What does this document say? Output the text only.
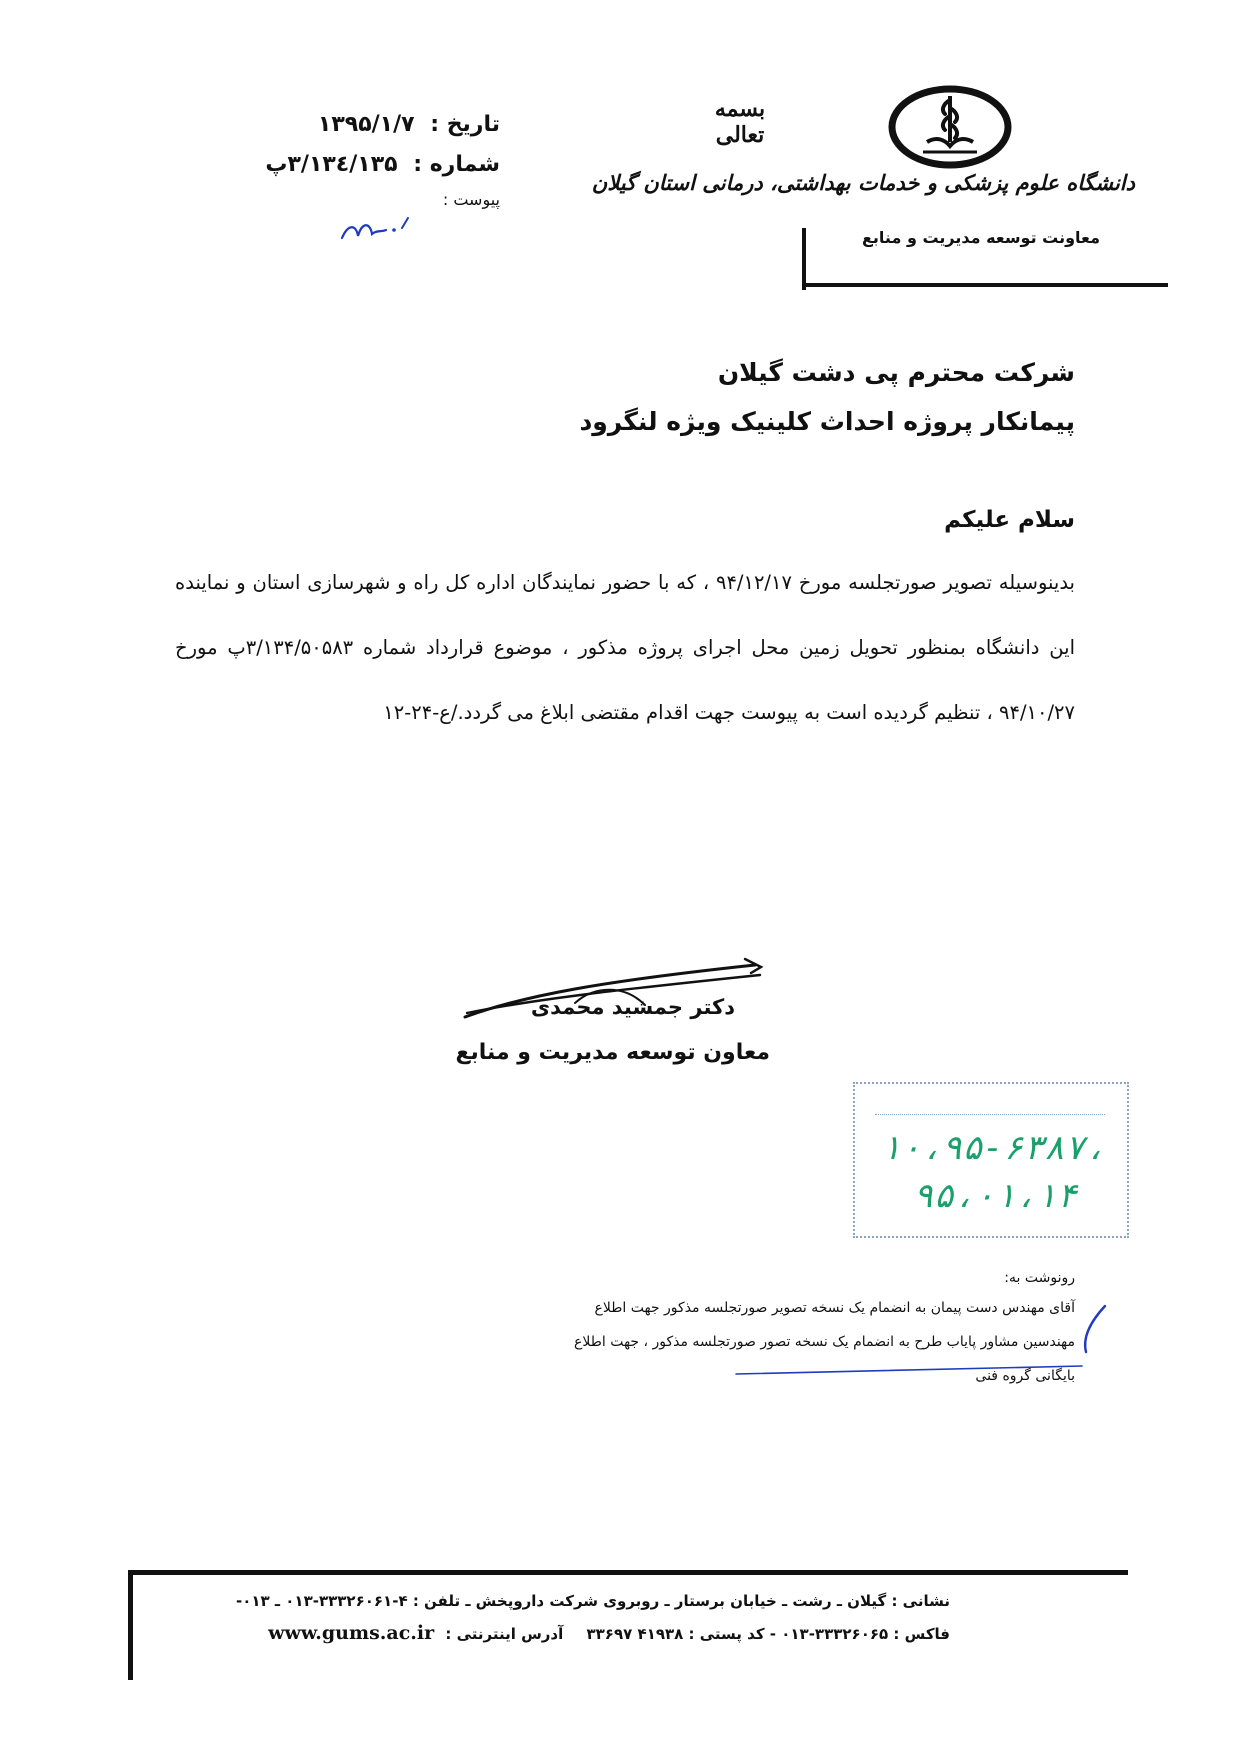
تاریخ : ۱۳۹۵/۱/۷
شماره : ۳/۱۳٤/۱۳۵پ
پیوست :
بسمه تعالی
دانشگاه علوم پزشکی و خدمات بهداشتی، درمانی استان گیلان
معاونت توسعه مدیریت و منابع
شرکت محترم پی دشت گیلان
پیمانکار پروژه احداث کلینیک ویژه لنگرود
سلام علیکم
بدینوسیله تصویر صورتجلسه مورخ ۹۴/۱۲/۱۷ ، که با حضور نمایندگان اداره کل راه و شهرسازی استان و نماینده این دانشگاه بمنظور تحویل زمین محل اجرای پروژه مذکور ، موضوع قرارداد شماره ۳/۱۳۴/۵۰۵۸۳پ مورخ ۹۴/۱۰/۲۷ ، تنظیم گردیده است به پیوست جهت اقدام مقتضی ابلاغ می گردد./ع-۲۴-۱۲
دکتر جمشید محمدی
معاون توسعه مدیریت و منابع
۱۰،۹۵-۶۳۸۷،
۹۵،۰۱،۱۴
رونوشت به:
آقای مهندس دست پیمان به انضمام یک نسخه تصویر صورتجلسه مذکور جهت اطلاع
مهندسین مشاور پایاب طرح به انضمام یک نسخه تصور صورتجلسه مذکور ، جهت اطلاع
بایگانی گروه فنی
نشانی : گیلان ـ رشت ـ خیابان برستار ـ روبروی شرکت داروپخش ـ تلفن : ۴-۳۳۳۲۶۰۶۱-۰۱۳ ـ ۰۱۳-
فاکس : ۳۳۳۲۶۰۶۵-۰۱۳ - کد پستی : ۴۱۹۳۸ ۳۳۶۹۷ آدرس اینترنتی : www.gums.ac.ir
